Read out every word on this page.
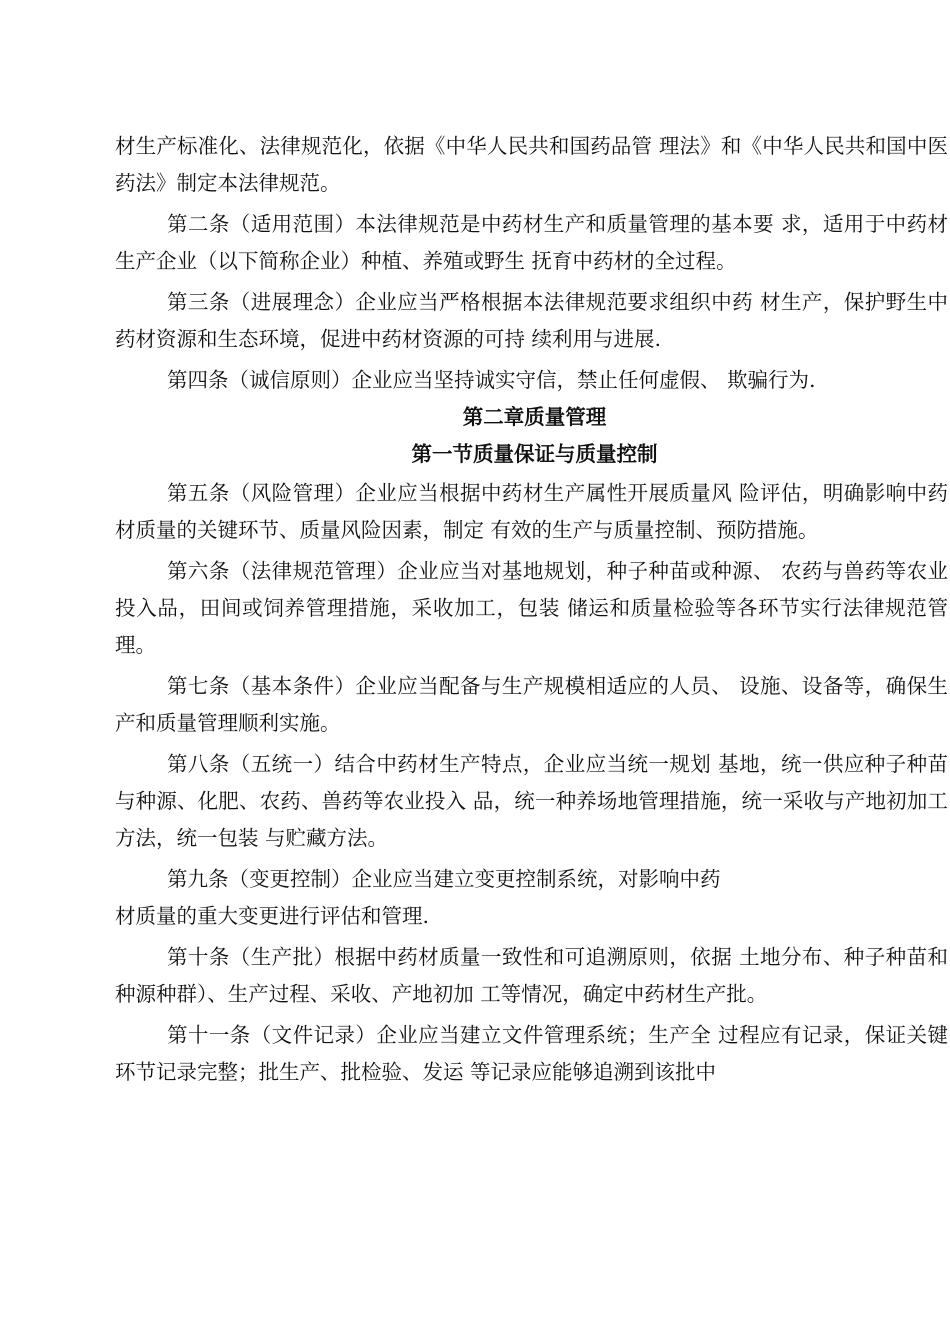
材生产标准化、法律规范化，依据《中华人民共和国药品管 理法》和《中华人民共和国中医药法》制定本法律规范。

第二条（适用范围）本法律规范是中药材生产和质量管理的基本要 求，适用于中药材生产企业（以下简称企业）种植、养殖或野生 抚育中药材的全过程。

第三条（进展理念）企业应当严格根据本法律规范要求组织中药 材生产，保护野生中药材资源和生态环境，促进中药材资源的可持 续利用与进展.

第四条（诚信原则）企业应当坚持诚实守信，禁止任何虚假、 欺骗行为.

第二章质量管理
第一节质量保证与质量控制

第五条（风险管理）企业应当根据中药材生产属性开展质量风 险评估，明确影响中药材质量的关键环节、质量风险因素，制定 有效的生产与质量控制、预防措施。

第六条（法律规范管理）企业应当对基地规划，种子种苗或种源、 农药与兽药等农业投入品，田间或饲养管理措施，采收加工，包装 储运和质量检验等各环节实行法律规范管理。

第七条（基本条件）企业应当配备与生产规模相适应的人员、 设施、设备等，确保生产和质量管理顺利实施。

第八条（五统一）结合中药材生产特点，企业应当统一规划 基地，统一供应种子种苗与种源、化肥、农药、兽药等农业投入 品，统一种养场地管理措施，统一采收与产地初加工方法，统一包装 与贮藏方法。

第九条（变更控制）企业应当建立变更控制系统，对影响中药

材质量的重大变更进行评估和管理.

第十条（生产批）根据中药材质量一致性和可追溯原则，依据 土地分布、种子种苗和种源种群）、生产过程、采收、产地初加 工等情况，确定中药材生产批。

第十一条（文件记录）企业应当建立文件管理系统；生产全 过程应有记录，保证关键环节记录完整；批生产、批检验、发运 等记录应能够追溯到该批中
